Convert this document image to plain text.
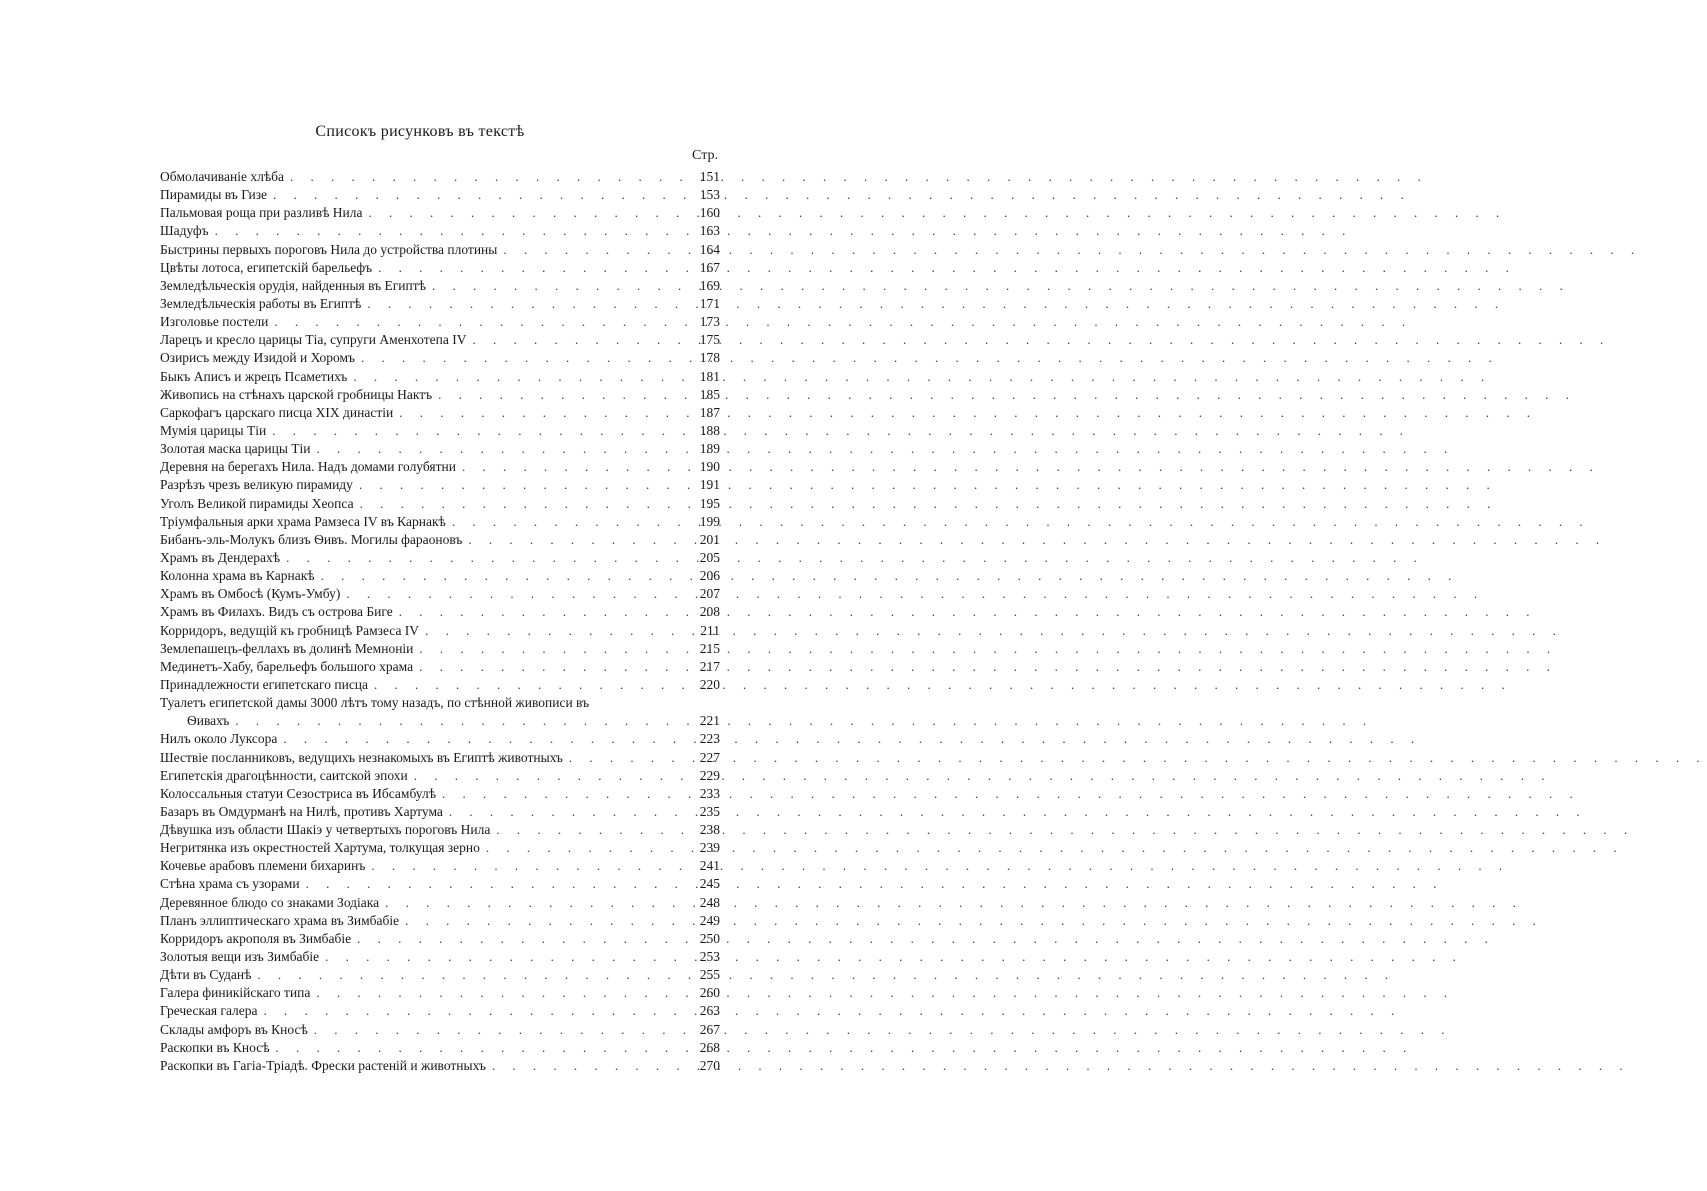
Списокъ рисунковъ въ текстѣ
Стр.
Обмолачиваніе хлѣба . . .	151
Пирамиды въ Гизе . . .	153
Пальмовая роща при разливѣ Нила . . .	160
Шадуфъ . . .	163
Быстрины первыхъ пороговъ Нила до устройства плотины . . .	164
Цвѣты лотоса, египетскій барельефъ . . .	167
Земледѣльческія орудія, найденныя въ Египтѣ . . .	169
Земледѣльческія работы въ Египтѣ . . .	171
Изголовье постели . . .	173
Ларецъ и кресло царицы Тіа, супруги Аменхотепа IV . . .	175
Озирисъ между Изидой и Хоромъ . . .	178
Быкъ Аписъ и жрецъ Псаметихъ . . .	181
Живопись на стѣнахъ царской гробницы Нактъ . . .	185
Саркофагъ царскаго писца XIX династіи . . .	187
Мумія царицы Тіи . . .	188
Золотая маска царицы Тіи . . .	189
Деревня на берегахъ Нила. Надъ домами голубятни . . .	190
Разрѣзъ чрезъ великую пирамиду . . .	191
Уголъ Великой пирамиды Хеопса . . .	195
Тріумфальныя арки храма Рамзеса IV въ Карнакѣ . . .	199
Бибанъ-эль-Молукъ близъ Ѳивъ. Могилы фараоновъ . . .	201
Храмъ въ Дендерахѣ . . .	205
Колонна храма въ Карнакѣ . . .	206
Храмъ въ Омбосѣ (Кумъ-Умбу) . . .	207
Храмъ въ Филахъ. Видъ съ острова Биге . . .	208
Корридоръ, ведущій къ гробницѣ Рамзеса IV . . .	211
Землепашецъ-феллахъ въ долинѣ Мемноніи . . .	215
Мединетъ-Хабу, барельефъ большого храма . . .	217
Принадлежности египетскаго писца . . .	220
Туалетъ египетской дамы 3000 лѣтъ тому назадъ, по стѣнной живописи въ
Ѳивахъ . . .	221
Нилъ около Луксора . . .	223
Шествіе посланниковъ, ведущихъ незнакомыхъ въ Египтѣ животныхъ . . .	227
Египетскія драгоцѣнности, саитской эпохи . . .	229
Колоссальныя статуи Сезостриса въ Ибсамбулѣ . . .	233
Базаръ въ Омдурманѣ на Нилѣ, противъ Хартума . . .	235
Дѣвушка изъ области Шакіэ у четвертыхъ пороговъ Нила . . .	238
Негритянка изъ окрестностей Хартума, толкущая зерно . . .	239
Кочевье арабовъ племени бихаринъ . . .	241
Стѣна храма съ узорами . . .	245
Деревянное блюдо со знаками Зодіака . . .	248
Планъ эллиптическаго храма въ Зимбабіе . . .	249
Корридоръ акрополя въ Зимбабіе . . .	250
Золотыя вещи изъ Зимбабіе . . .	253
Дѣти въ Суданѣ . . .	255
Галера финикійскаго типа . . .	260
Греческая галера . . .	263
Склады амфоръ въ Кносѣ . . .	267
Раскопки въ Кносѣ . . .	268
Раскопки въ Гагіа-Тріадѣ. Фрески растеній и животныхъ . . .	270
